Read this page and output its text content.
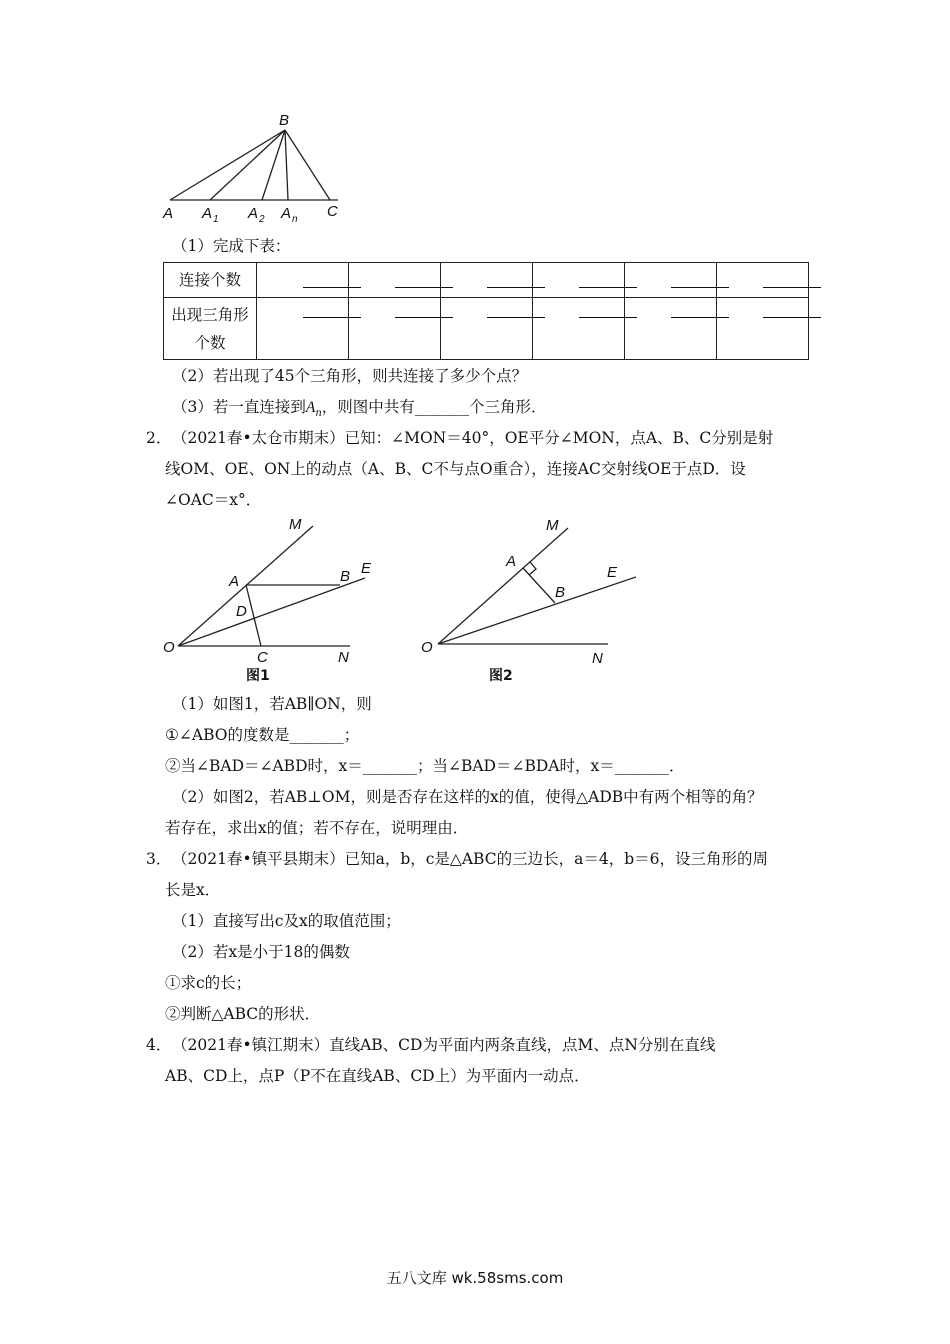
B
A A 1 A 2 A n C
（1）完成下表：
连接个数	

出现三角形
个数						

（2）若出现了45个三角形，则共连接了多少个点？
（3）若一直连接到$A_n$，则图中共有_______个三角形．
2． （2021春•太仓市期末）已知：∠MON＝40°，OE平分∠MON，点A、B、C分别是射
线OM、OE、ON上的动点（A、B、C不与点O重合），连接AC交射线OE于点D．设
∠OAC＝x°．
M
E
A	B
D
O
C	N
图1
M
E
A
B
O
N
图2
（1）如图1，若AB∥ON，则
①∠ABO的度数是_______；
②当∠BAD＝∠ABD时，x＝_______；当∠BAD＝∠BDA时，x＝_______．
（2）如图2，若AB⊥OM，则是否存在这样的x的值，使得△ADB中有两个相等的角？
若存在，求出x的值；若不存在，说明理由．
3． （2021春•镇平县期末）已知a，b，c是△ABC的三边长，a＝4，b＝6，设三角形的周
长是x．
（1）直接写出c及x的取值范围；
（2）若x是小于18的偶数
①求c的长；
②判断△ABC的形状．
4． （2021春•镇江期末）直线AB、CD为平面内两条直线，点M、点N分别在直线
AB、CD上，点P（P不在直线AB、CD上）为平面内一动点．
五八文库 wk.58sms.com
